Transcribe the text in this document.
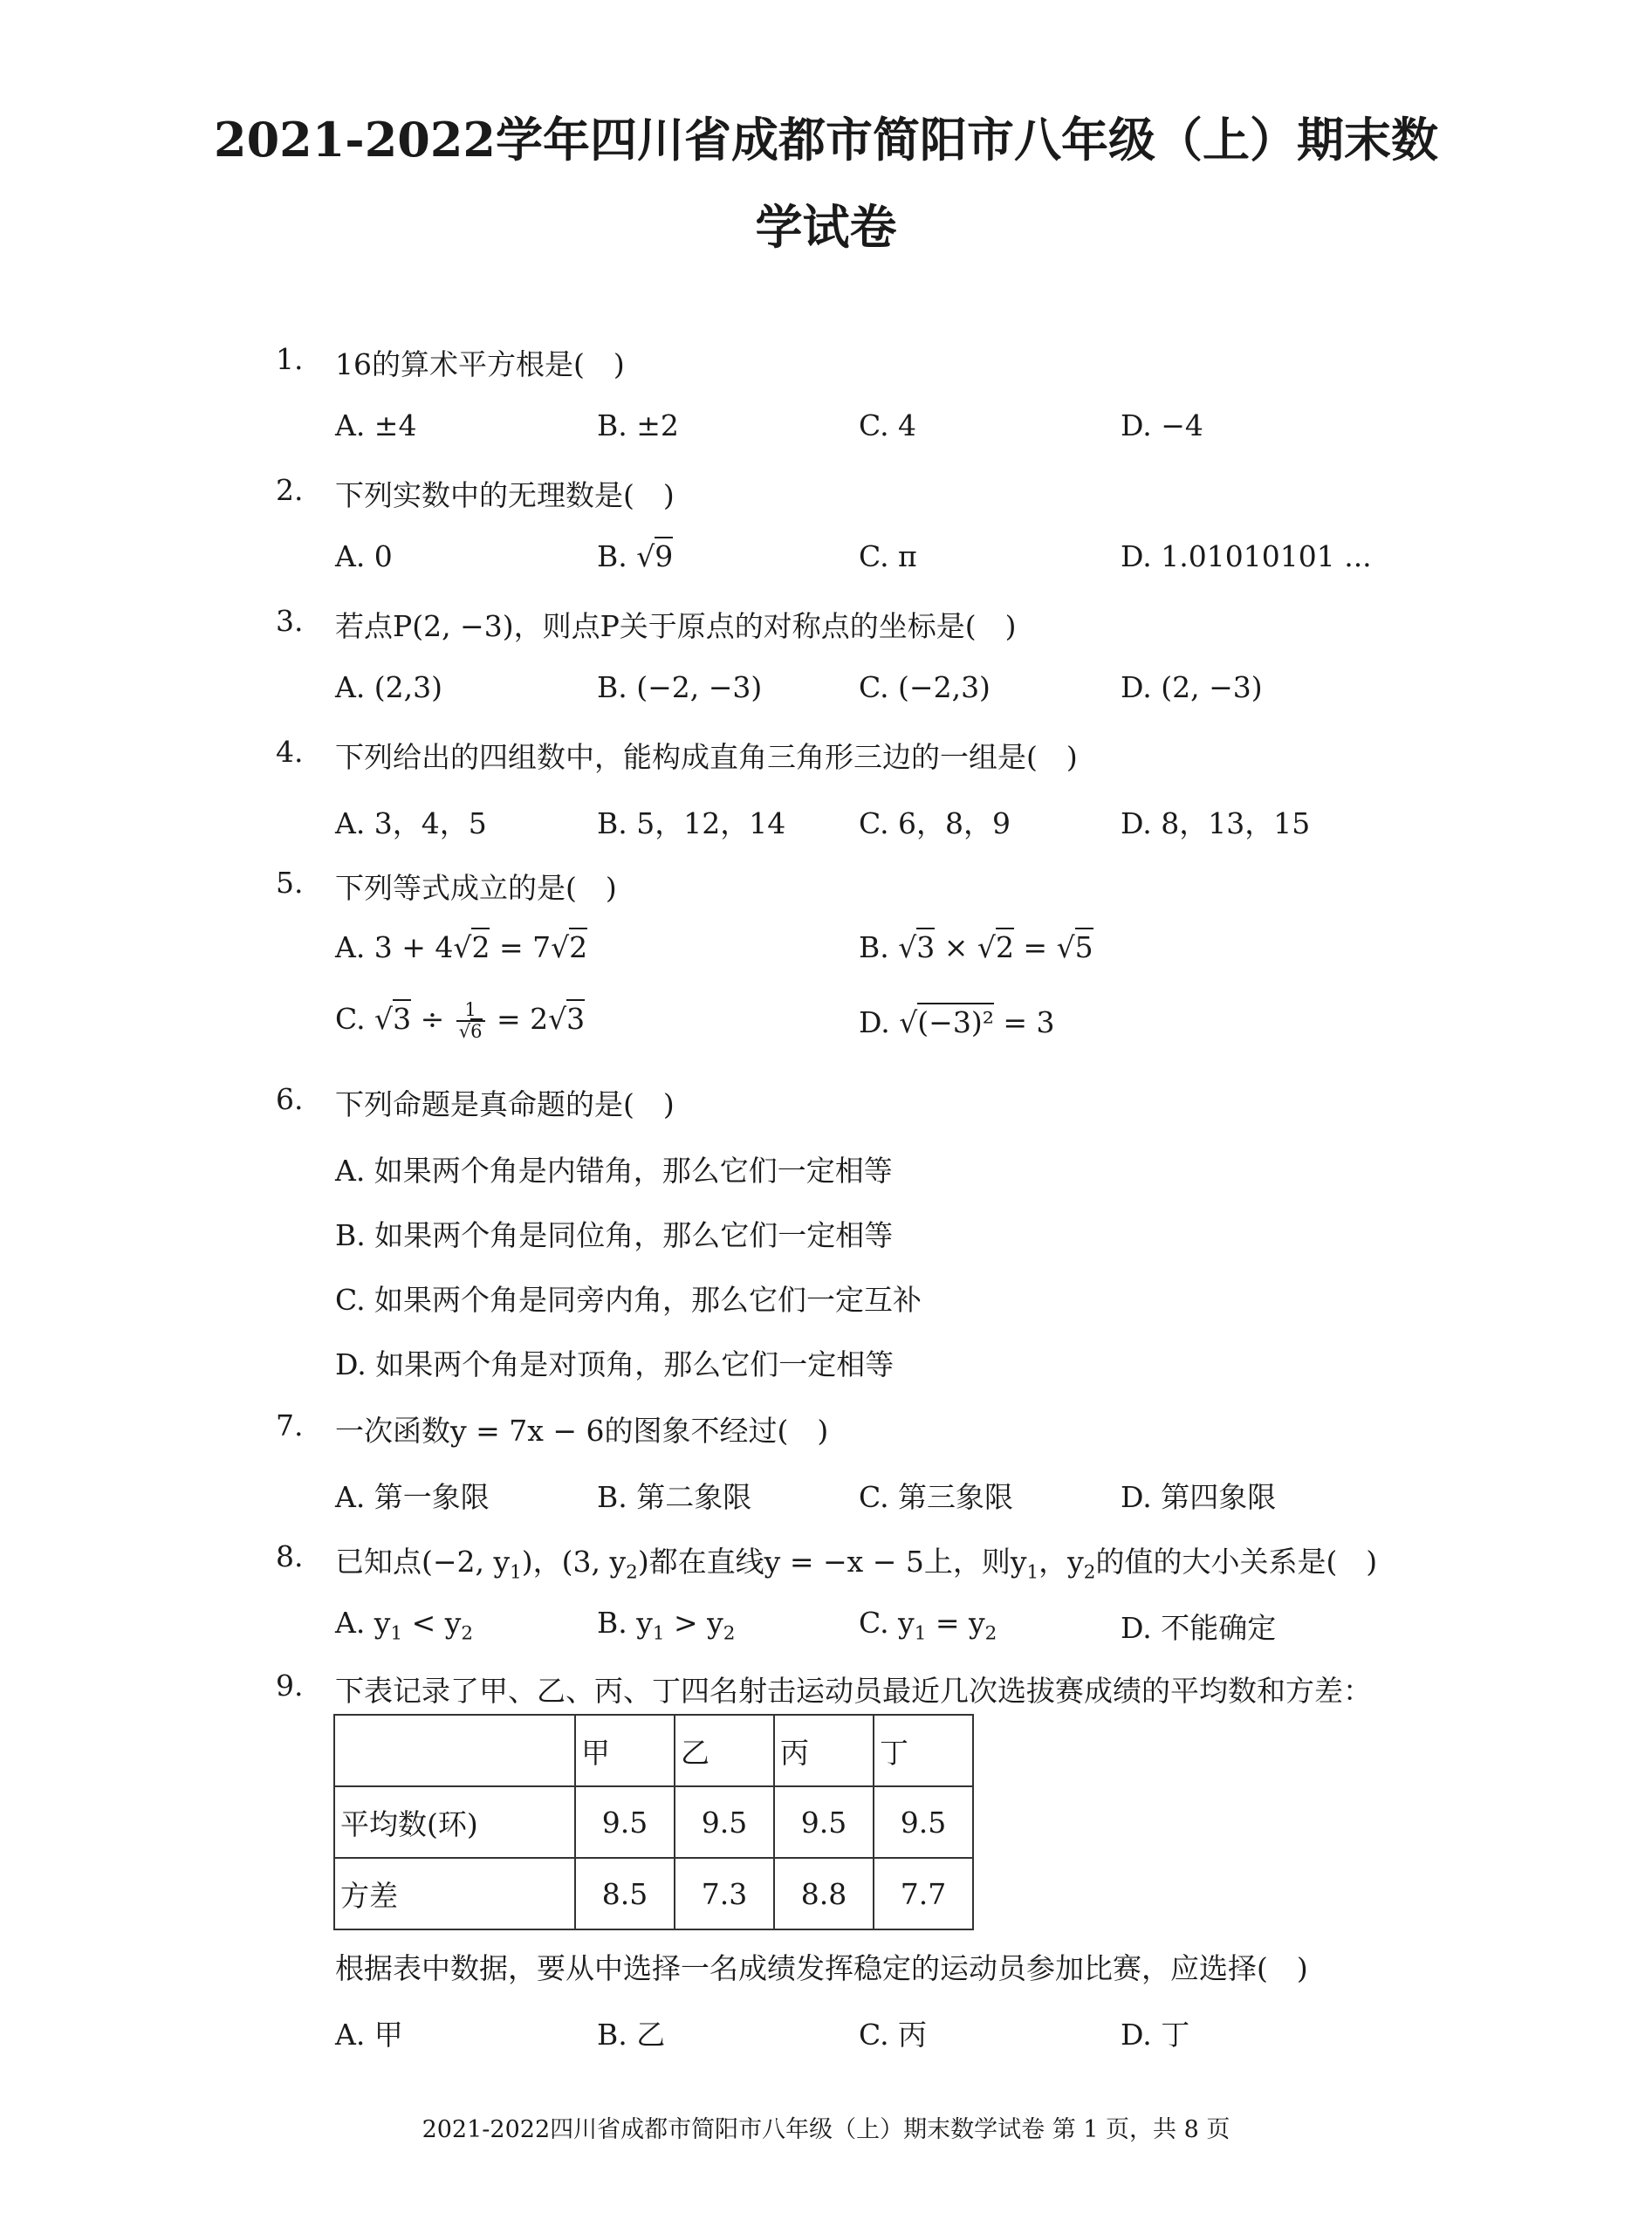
2021-2022学年四川省成都市简阳市八年级（上）期末数
学试卷
1.	16的算术平方根是(　)
A. ±4	B. ±2	C. 4	D. −4
2.	下列实数中的无理数是(　)
A. 0	B. √9	C. π	D. 1.01010101 ...
3.	若点P(2, −3)，则点P关于原点的对称点的坐标是(　)
A. (2,3)	B. (−2, −3)	C. (−2,3)	D. (2, −3)
4.	下列给出的四组数中，能构成直角三角形三边的一组是(　)
A. 3，4，5	B. 5，12，14	C. 6，8，9	D. 8，13，15
5.	下列等式成立的是(　)
A. 3 + 4√2 = 7√2	B. √3 × √2 = √5
C. $√3 \div \frac{1}{√6} = 2√3$	D. √(−3)² = 3
6.	下列命题是真命题的是(　)
A. 如果两个角是内错角，那么它们一定相等
B. 如果两个角是同位角，那么它们一定相等
C. 如果两个角是同旁内角，那么它们一定互补
D. 如果两个角是对顶角，那么它们一定相等
7.	一次函数y = 7x − 6的图象不经过(　)
A. 第一象限	B. 第二象限	C. 第三象限	D. 第四象限
8.	已知点(−2, $y_1$)，(3, $y_2$)都在直线y = −x − 5上，则$y_1$，$y_2$的值的大小关系是(　)
A. $y_1 < y_2$	B. $y_1 > y_2$	C. $y_1 = y_2$	D. 不能确定
9.	下表记录了甲、乙、丙、丁四名射击运动员最近几次选拔赛成绩的平均数和方差：
	甲	乙	丙	丁
平均数(环)	9.5	9.5	9.5	9.5
方差	8.5	7.3	8.8	7.7
根据表中数据，要从中选择一名成绩发挥稳定的运动员参加比赛，应选择(　)
A. 甲	B. 乙	C. 丙	D. 丁
2021-2022四川省成都市简阳市八年级（上）期末数学试卷 第 1 页，共 8 页
